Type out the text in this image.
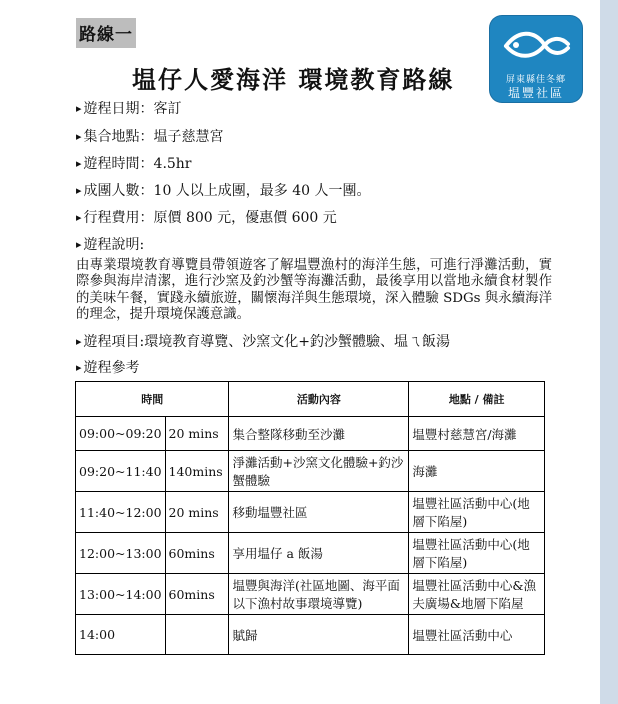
路線一
屏東縣佳冬鄉
塭豐社區
塭仔人愛海洋 環境教育路線
▸ 遊程日期：客訂
▸ 集合地點：塭子慈慧宮
▸ 遊程時間：4.5hr
▸ 成團人數：10 人以上成團，最多 40 人一團。
▸ 行程費用：原價 800 元，優惠價 600 元
▸ 遊程說明:
由專業環境教育導覽員帶領遊客了解塭豐漁村的海洋生態，可進行淨灘活動，實際參與海岸清潔，進行沙窯及釣沙蟹等海灘活動，最後享用以當地永續食材製作的美味午餐，實踐永續旅遊，關懷海洋與生態環境，深入體驗 SDGs 與永續海洋的理念，提升環境保護意識。
▸ 遊程項目:環境教育導覽、沙窯文化+釣沙蟹體驗、塭ㄟ飯湯
▸ 遊程參考
時間		活動內容	地點 / 備註
09:00~09:20	20 mins	集合整隊移動至沙灘	塭豐村慈慧宮/海灘
09:20~11:40	140mins	淨灘活動+沙窯文化體驗+釣沙蟹體驗	海灘
11:40~12:00	20 mins	移動塭豐社區	塭豐社區活動中心(地層下陷屋)
12:00~13:00	60mins	享用塭仔 a 飯湯	塭豐社區活動中心(地層下陷屋)
13:00~14:00	60mins	塭豐與海洋(社區地圖、海平面以下漁村故事環境導覽)	塭豐社區活動中心&漁夫廣場&地層下陷屋
14:00		賦歸	塭豐社區活動中心
